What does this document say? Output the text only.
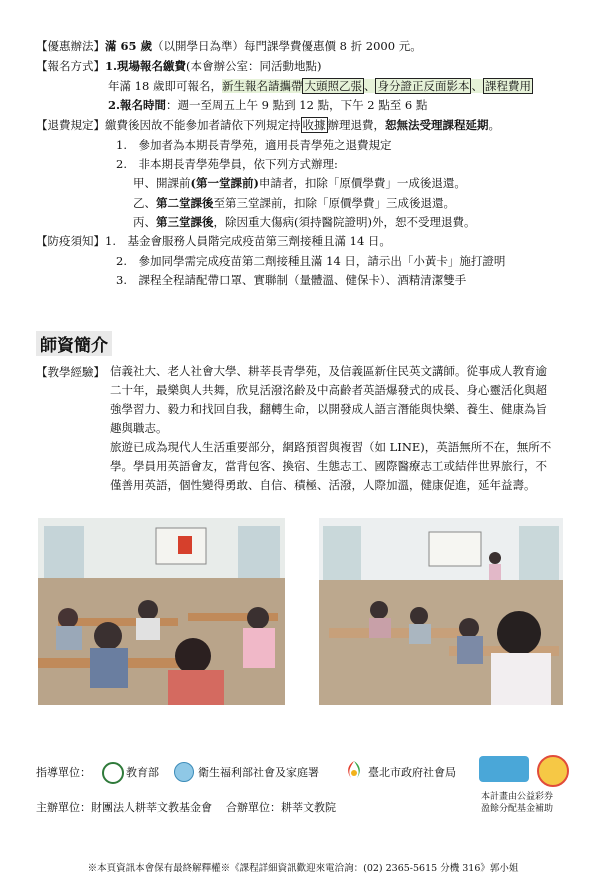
【優惠辦法】滿 65 歲（以開學日為準）每門課學費優惠價 8 折 2000 元。
【報名方式】1.現場報名繳費(本會辦公室：同活動地點)
年滿 18 歲即可報名，新生報名請攜帶 大頭照乙張 、 身分證正反面影本 、 課程費用
2.報名時間：週一至周五上午 9 點到 12 點，下午 2 點至 6 點
【退費規定】繳費後因故不能參加者請依下列規定持 收據 辦理退費，恕無法受理課程延期。
1.　參加者為本期長青學苑，適用長青學苑之退費規定
2.　非本期長青學苑學員，依下列方式辦理:
甲、開課前(第一堂課前)申請者，扣除「原價學費」一成後退還。
乙、第二堂課後至第三堂課前，扣除「原價學費」三成後退還。
丙、第三堂課後，除因重大傷病(須持醫院證明)外，恕不受理退費。
【防疫須知】1.　基金會服務人員階完成疫苗第三劑接種且滿 14 日。
2.　參加同學需完成疫苗第二劑接種且滿 14 日，請示出「小黃卡」施打證明
3.　課程全程請配帶口罩、實聯制（量體溫、健保卡）、酒精清潔雙手
師資簡介
【教學經驗】 信義社大、老人社會大學、耕莘長青學苑，及信義區新住民英文講師。從事成人教育逾
二十年，最樂與人共舞，欣見活潑洺齡及中高齡者英語爆發式的成長、身心靈活化與超
強學習力、毅力和找回自我，翻轉生命，以開發成人語言潛能與快樂、養生、健康為旨
趣與職志。
旅遊已成為現代人生活重要部分，網路預習與複習（如 LINE)，英語無所不在，無所不
學。學員用英語會友，當背包客、換宿、生態志工、國際醫療志工或結伴世界旅行，不
僅善用英語，個性變得勇敢、自信、積極、活潑，人際加溫，健康促進，延年益壽。
指導單位：	教育部	衛生福利部社會及家庭署	臺北市政府社會局
本計畫由公益彩券
盈餘分配基金補助
主辦單位：財團法人耕莘文教基金會 合辦單位：耕莘文教院
※本頁資訊本會保有最終解釋權※《課程詳細資訊歡迎來電洽詢：(02) 2365-5615 分機 316》郭小姐
